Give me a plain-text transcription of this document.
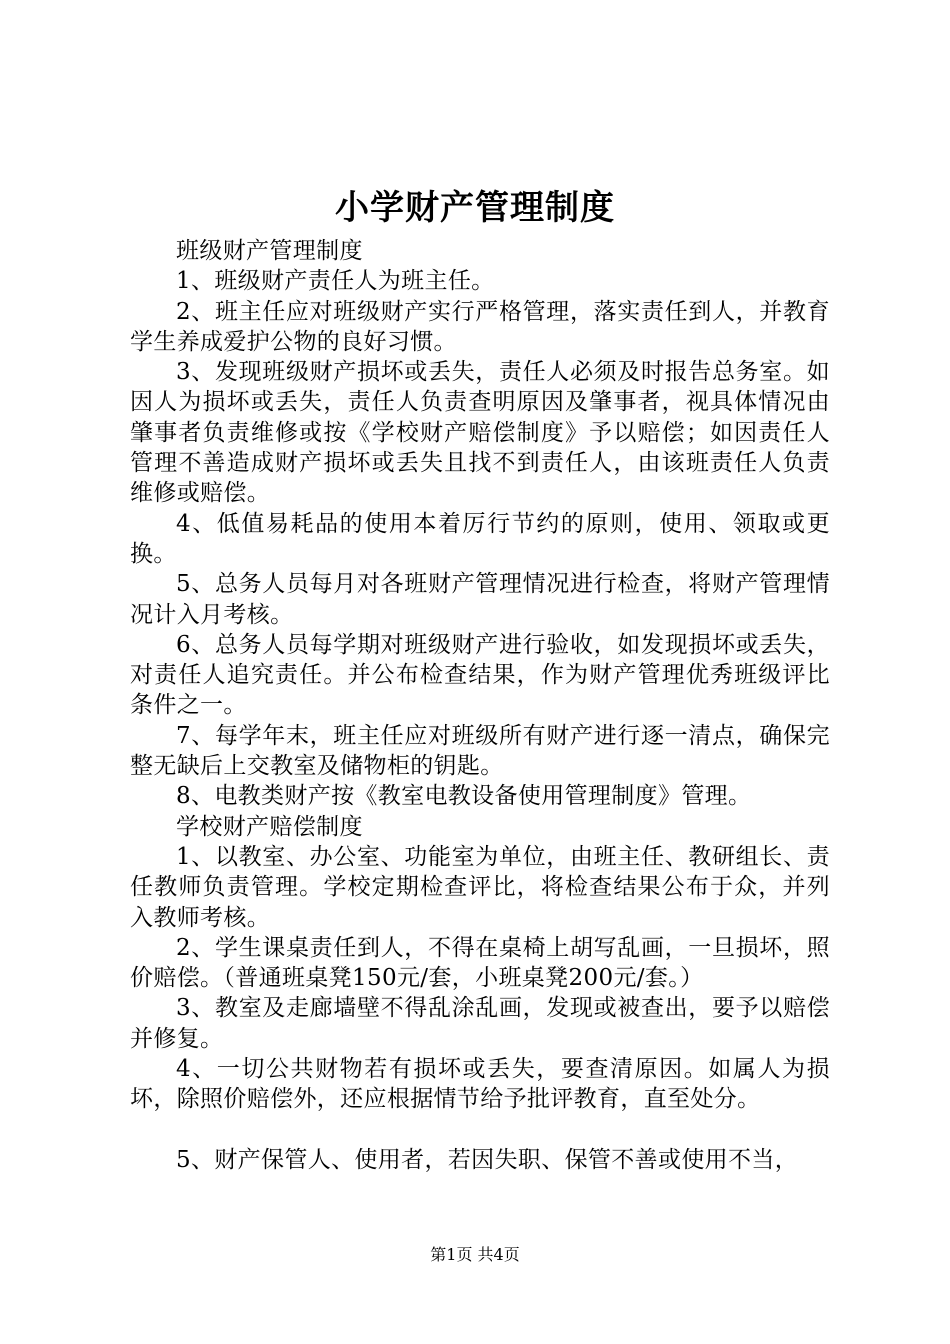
小学财产管理制度

班级财产管理制度

1、班级财产责任人为班主任。

2、班主任应对班级财产实行严格管理，落实责任到人，并教育学生养成爱护公物的良好习惯。

3、发现班级财产损坏或丢失，责任人必须及时报告总务室。如因人为损坏或丢失，责任人负责查明原因及肇事者，视具体情况由肇事者负责维修或按《学校财产赔偿制度》予以赔偿；如因责任人管理不善造成财产损坏或丢失且找不到责任人，由该班责任人负责维修或赔偿。

4、低值易耗品的使用本着厉行节约的原则，使用、领取或更换。

5、总务人员每月对各班财产管理情况进行检查，将财产管理情况计入月考核。

6、总务人员每学期对班级财产进行验收，如发现损坏或丢失，对责任人追究责任。并公布检查结果，作为财产管理优秀班级评比条件之一。

7、每学年末，班主任应对班级所有财产进行逐一清点，确保完整无缺后上交教室及储物柜的钥匙。

8、电教类财产按《教室电教设备使用管理制度》管理。

学校财产赔偿制度

1、以教室、办公室、功能室为单位，由班主任、教研组长、责任教师负责管理。学校定期检查评比，将检查结果公布于众，并列入教师考核。

2、学生课桌责任到人，不得在桌椅上胡写乱画，一旦损坏，照价赔偿。（普通班桌凳150元/套，小班桌凳200元/套。）

3、教室及走廊墙壁不得乱涂乱画，发现或被查出，要予以赔偿并修复。

4、一切公共财物若有损坏或丢失，要查清原因。如属人为损坏，除照价赔偿外，还应根据情节给予批评教育，直至处分。

5、财产保管人、使用者，若因失职、保管不善或使用不当，

第1页 共4页
